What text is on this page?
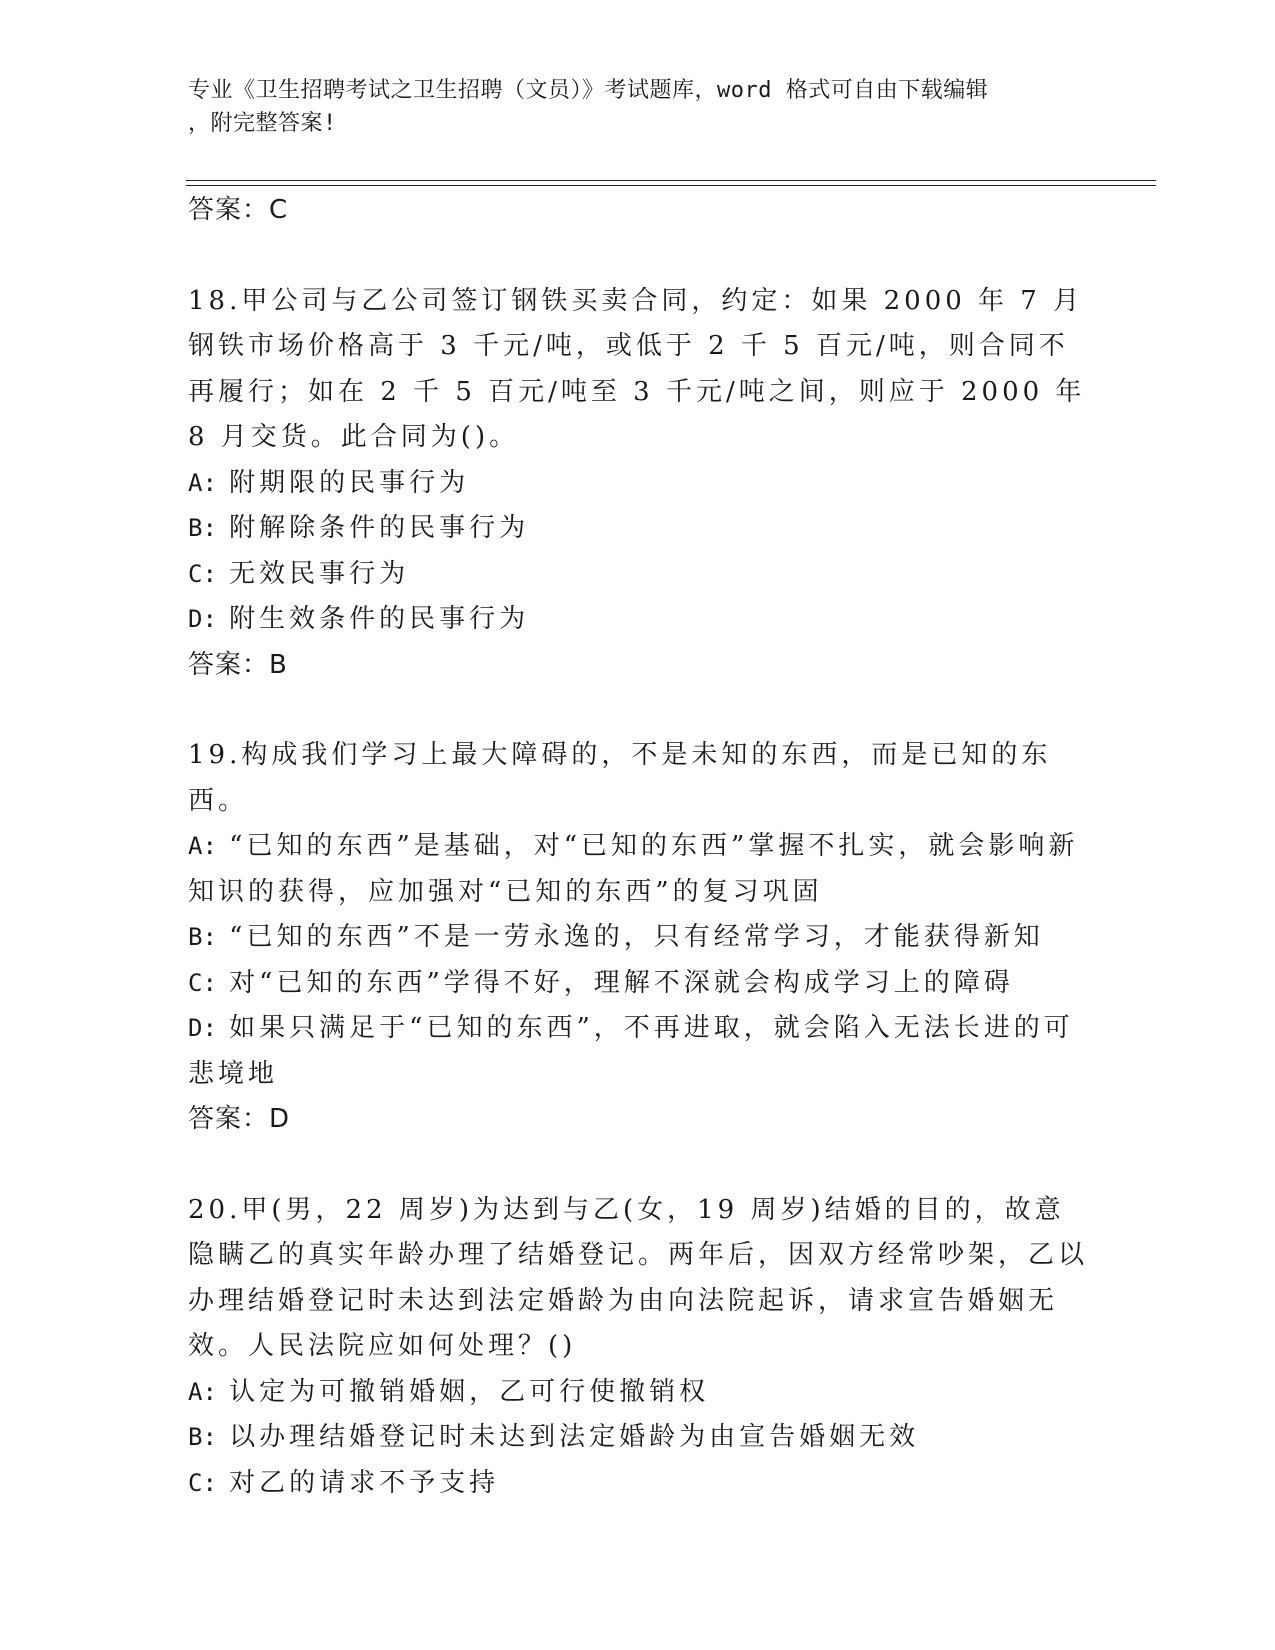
专业《卫生招聘考试之卫生招聘（文员）》考试题库，word 格式可自由下载编辑
，附完整答案!
答案：C

18.甲公司与乙公司签订钢铁买卖合同，约定：如果 2000 年 7 月钢铁市场价格高于 3 千元/吨，或低于 2 千 5 百元/吨，则合同不再履行；如在 2 千 5 百元/吨至 3 千元/吨之间，则应于 2000 年 8 月交货。此合同为()。

A: 附期限的民事行为

B: 附解除条件的民事行为

C: 无效民事行为

D: 附生效条件的民事行为

答案：B

19.构成我们学习上最大障碍的，不是未知的东西，而是已知的东西。

A: “已知的东西”是基础，对“已知的东西”掌握不扎实，就会影响新知识的获得，应加强对“已知的东西”的复习巩固

B: “已知的东西”不是一劳永逸的，只有经常学习，才能获得新知

C: 对“已知的东西”学得不好，理解不深就会构成学习上的障碍

D: 如果只满足于“已知的东西”，不再进取，就会陷入无法长进的可悲境地

答案：D

20.甲(男，22 周岁)为达到与乙(女，19 周岁)结婚的目的，故意隐瞒乙的真实年龄办理了结婚登记。两年后，因双方经常吵架，乙以办理结婚登记时未达到法定婚龄为由向法院起诉，请求宣告婚姻无效。人民法院应如何处理？()

A: 认定为可撤销婚姻，乙可行使撤销权

B: 以办理结婚登记时未达到法定婚龄为由宣告婚姻无效

C: 对乙的请求不予支持
